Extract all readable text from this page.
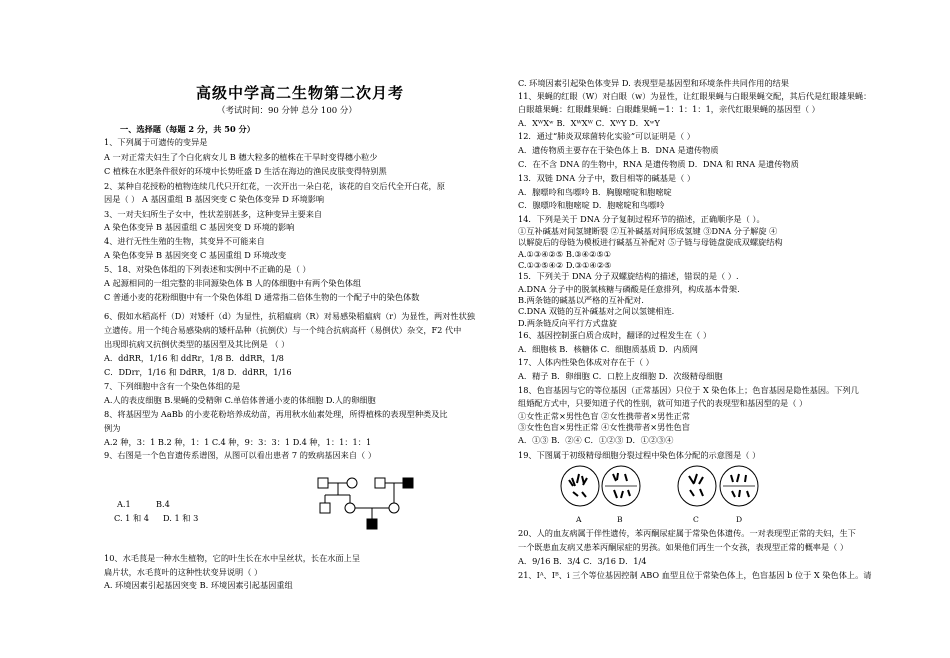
高级中学高二生物第二次月考
（考试时间：90 分钟 总分 100 分）
一、选择题（每题 2 分，共 50 分）
1、下列属于可遗传的变异是
A 一对正常夫妇生了个白化病女儿 B 穗大粒多的植株在干旱时变得穗小粒少
C 植株在水肥条件很好的环境中长势旺盛 D 生活在海边的渔民皮肤变得特别黑
2、某种自花授粉的植物连续几代只开红花，一次开出一朵白花，该花的自交后代全开白花，原
因是（ ） A 基因重组 B 基因突变 C 染色体变异 D 环境影响
3、一对夫妇所生子女中，性状差别甚多，这种变异主要来自
A 染色体变异 B 基因重组 C 基因突变 D 环境的影响
4、进行无性生殖的生物，其变异不可能来自
A 染色体变异 B 基因突变 C 基因重组 D 环境改变
5、18、对染色体组的下列表述和实例中不正确的是（ ）
A 起源相同的一组完整的非同源染色体 B 人的体细胞中有两个染色体组
C 普通小麦的花粉细胞中有一个染色体组 D 通常指二倍体生物的一个配子中的染色体数
6、假如水稻高杆（D）对矮杆（d）为显性，抗稻瘟病（R）对易感染稻瘟病（r）为显性，两对性状独
立遗传。用一个纯合易感染病的矮杆品种（抗倒伏）与一个纯合抗病高杆（易倒伏）杂交，F2 代中
出现即抗病又抗倒伏类型的基因型及其比例是 （ ）
A．ddRR，1/16 和 ddRr，1/8 B．ddRR，1/8
C．DDrr，1/16 和 DdRR，1/8 D．ddRR，1/16
7、下列细胞中含有一个染色体组的是
A.人的表皮细胞 B.果蝇的受精卵 C.单倍体普通小麦的体细胞 D.人的卵细胞
8、将基因型为 AaBb 的小麦花粉培养成幼苗，再用秋水仙素处理，所得植株的表现型种类及比
例为
A.2 种，3：1 B.2 种，1：1 C.4 种，9：3：3：1 D.4 种，1：1：1：1
9、右图是一个色盲遗传系谱图，从图可以看出患者 7 的致病基因来自（ ）
A.1	B.4
C. 1 和 4 D. 1 和 3
10、水毛茛是一种水生植物，它的叶生长在水中呈丝状，长在水面上呈
扁片状，水毛茛叶的这种性状变异说明（ ）
A. 环境因素引起基因突变 B. 环境因素引起基因重组
C. 环境因素引起染色体变异 D. 表现型是基因型和环境条件共同作用的结果
11、果蝇的红眼（W）对白眼（w）为显性，让红眼果蝇与白眼果蝇交配，其后代是红眼雄果蝇：
白眼雄果蝇：红眼雌果蝇：白眼雌果蝇＝1：1：1：1，亲代红眼果蝇的基因型（ ）
A．XᵂXʷ B．XᵂXᵂ C．XᵂY D．XʷY
12．通过“肺炎双球菌转化实验”可以证明是（ ）
A．遗传物质主要存在于染色体上 B．DNA 是遗传物质
C．在不含 DNA 的生物中，RNA 是遗传物质 D．DNA 和 RNA 是遗传物质
13．双链 DNA 分子中，数目相等的碱基是（ ）
A．腺嘌呤和鸟嘌呤 B．胸腺嘧啶和胞嘧啶
C．腺嘌呤和胞嘧啶 D．胞嘧啶和鸟嘌呤
14．下列是关于 DNA 分子复制过程环节的描述，正确顺序是（ ）。
①互补碱基对间氢键断裂 ②互补碱基对间形成氢键 ③DNA 分子解旋 ④
以解旋后的母链为模板进行碱基互补配对 ⑤子链与母链盘旋成双螺旋结构
A.①③④②⑤ B.③④②⑤①
C.①③⑤④② D.③①④②⑤
15．下列关于 DNA 分子双螺旋结构的描述，错误的是（ ）.
A.DNA 分子中的脱氧核糖与磷酸是任意排列，构成基本骨架.
B.两条链的碱基以严格的互补配对.
C.DNA 双链的互补碱基对之间以氢键相连.
D.两条链反向平行方式盘旋
16、基因控制蛋白质合成时，翻译的过程发生在（ ）
A．细胞核 B．核糖体 C．细胞质基质 D．内质网
17、人体内性染色体成对存在于（ ）
A．精子 B．卵细胞 C．口腔上皮细胞 D．次级精母细胞
18、色盲基因与它的等位基因（正常基因）只位于 X 染色体上；色盲基因是隐性基因。下列几
组婚配方式中，只要知道子代的性别，就可知道子代的表现型和基因型的是（ ）
①女性正常×男性色盲 ②女性携带者×男性正常
③女性色盲×男性正常 ④女性携带者×男性色盲
A．①③ B．②④ C．①②③ D．①②③④
19、下图属于初级精母细胞分裂过程中染色体分配的示意图是（ ）
A	B	C	D
20、人的血友病属于伴性遗传，苯丙酮尿症属于常染色体遗传。一对表现型正常的夫妇，生下
一个既患血友病又患苯丙酮尿症的男孩。如果他们再生一个女孩，表现型正常的概率是（ ）
A．9/16 B．3/4 C．3/16 D．1/4
21、Iᴬ、Iᴮ、i 三个等位基因控制 ABO 血型且位于常染色体上，色盲基因 b 位于 X 染色体上。请
